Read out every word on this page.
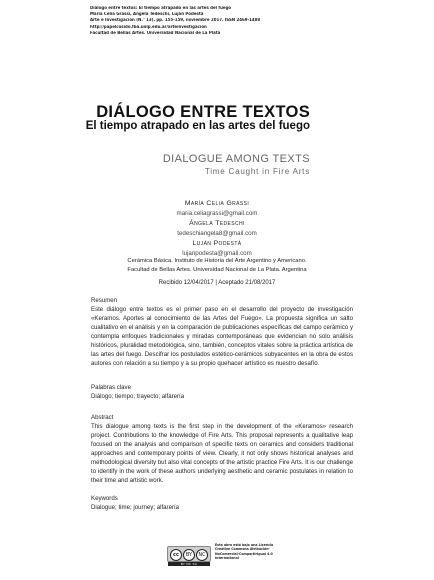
Diálogo entre textos: El tiempo atrapado en las artes del fuego
María Celia Grassi, Ángela Tedeschi, Luján Podestá
Arte e Investigación (N.° 13), pp. 155-159, noviembre 2017. ISSN 2469-1488
http://papelcosido.fba.unlp.edu.ar/arteinvestigacion
Facultad de Bellas Artes. Universidad Nacional de La Plata
DIÁLOGO ENTRE TEXTOS
El tiempo atrapado en las artes del fuego
DIALOGUE AMONG TEXTS
Time Caught in Fire Arts
María Celia Grassi
maria.celiagrassi@gmail.com
Ángela Tedeschi
tedeschiangela8@gmail.com
Luján Podestá
lujanpodesta@gmail.com
Cerámica Básica. Instituto de Historia del Arte Argentino y Americano.
Facultad de Bellas Artes. Universidad Nacional de La Plata. Argentina
Recibido 12/04/2017 | Aceptado 21/08/2017
Resumen

Este diálogo entre textos es el primer paso en el desarrollo del proyecto de investigación «Keramos. Aportes al conocimiento de las Artes del Fuego». La propuesta significa un salto cualitativo en el análisis y en la comparación de publicaciones específicas del campo cerámico y contempla enfoques tradicionales y miradas contemporáneas que evidencian no solo análisis históricos, pluralidad metodológica, sino, también, conceptos vitales sobre la práctica artística de las artes del fuego. Descifrar los postulados estético-cerámicos subyacentes en la obra de estos autores con relación a su tiempo y a su propio quehacer artístico es nuestro desafío.

Palabras clave

Diálogo; tiempo; trayecto; alfarería

Abstract

This dialogue among texts is the first step in the development of the «Keramos» research project. Contributions to the knowledge of Fire Arts. This proposal represents a qualitative leap focused on the analysis and comparison of specific texts on ceramics and considers traditional approaches and contemporary points of view. Clearly, it not only shows historical analyses and methodological diversity but also vital concepts of the artistic practice Fire Arts. It is our challenge to identify in the work of these authors underlying aesthetic and ceramic postulates in relation to their time and artistic work.

Keywords

Dialogue; time; journey; alfarería

cc	BY	NC
BY NC SA
Esta obra está bajo una Licencia
Creative Commons Atribución-
NoComercial-CompartirIgual 4.0
Internacional
